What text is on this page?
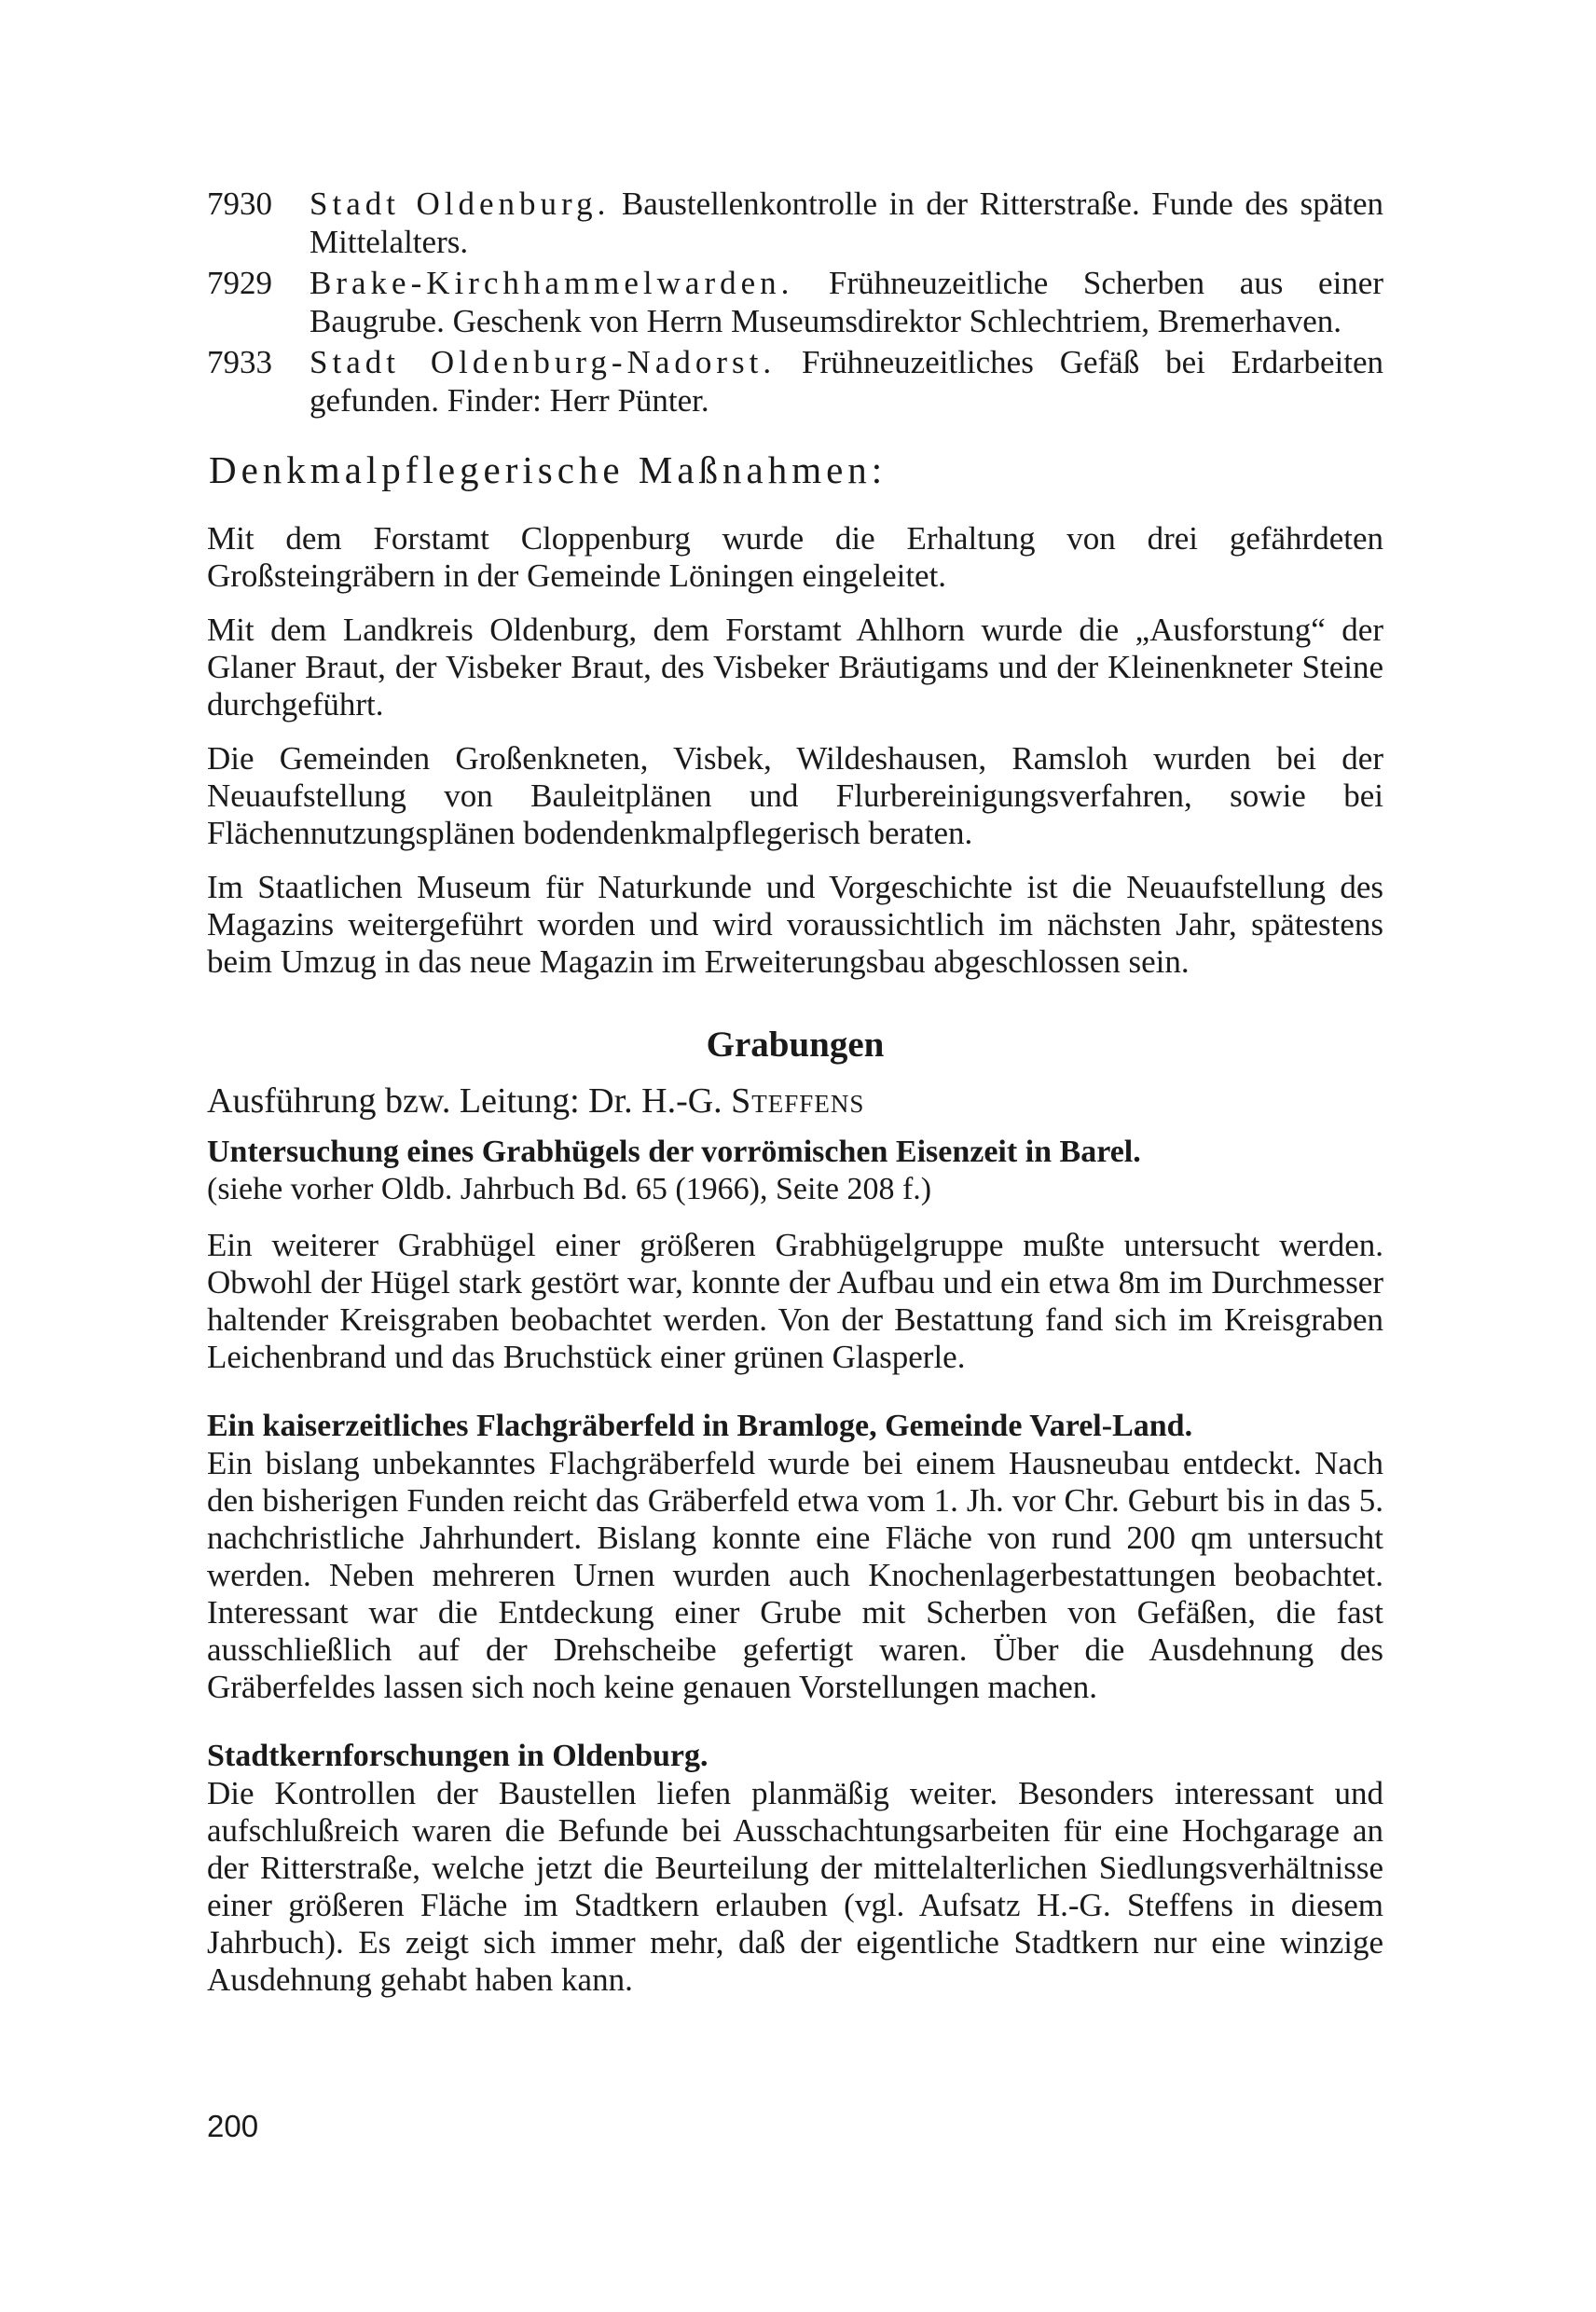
7930 Stadt Oldenburg. Baustellenkontrolle in der Ritterstraße. Funde des späten Mittelalters.
7929 Brake-Kirchhammelwarden. Frühneuzeitliche Scherben aus einer Baugrube. Geschenk von Herrn Museumsdirektor Schlechtriem, Bremerhaven.
7933 Stadt Oldenburg-Nadorst. Frühneuzeitliches Gefäß bei Erdarbeiten gefunden. Finder: Herr Pünter.
Denkmalpflegerische Maßnahmen:

Mit dem Forstamt Cloppenburg wurde die Erhaltung von drei gefährdeten Großsteingräbern in der Gemeinde Löningen eingeleitet.

Mit dem Landkreis Oldenburg, dem Forstamt Ahlhorn wurde die „Ausforstung“ der Glaner Braut, der Visbeker Braut, des Visbeker Bräutigams und der Kleinenkneter Steine durchgeführt.

Die Gemeinden Großenkneten, Visbek, Wildeshausen, Ramsloh wurden bei der Neuaufstellung von Bauleitplänen und Flurbereinigungsverfahren, sowie bei Flächennutzungsplänen bodendenkmalpflegerisch beraten.

Im Staatlichen Museum für Naturkunde und Vorgeschichte ist die Neuaufstellung des Magazins weitergeführt worden und wird voraussichtlich im nächsten Jahr, spätestens beim Umzug in das neue Magazin im Erweiterungsbau abgeschlossen sein.

Grabungen
Ausführung bzw. Leitung: Dr. H.-G. Steffens

Untersuchung eines Grabhügels der vorrömischen Eisenzeit in Barel.

(siehe vorher Oldb. Jahrbuch Bd. 65 (1966), Seite 208 f.)

Ein weiterer Grabhügel einer größeren Grabhügelgruppe mußte untersucht werden. Obwohl der Hügel stark gestört war, konnte der Aufbau und ein etwa 8m im Durchmesser haltender Kreisgraben beobachtet werden. Von der Bestattung fand sich im Kreisgraben Leichenbrand und das Bruchstück einer grünen Glasperle.

Ein kaiserzeitliches Flachgräberfeld in Bramloge, Gemeinde Varel-Land.

Ein bislang unbekanntes Flachgräberfeld wurde bei einem Hausneubau entdeckt. Nach den bisherigen Funden reicht das Gräberfeld etwa vom 1. Jh. vor Chr. Geburt bis in das 5. nachchristliche Jahrhundert. Bislang konnte eine Fläche von rund 200 qm untersucht werden. Neben mehreren Urnen wurden auch Knochenlagerbestattungen beobachtet. Interessant war die Entdeckung einer Grube mit Scherben von Gefäßen, die fast ausschließlich auf der Drehscheibe gefertigt waren. Über die Ausdehnung des Gräberfeldes lassen sich noch keine genauen Vorstellungen machen.

Stadtkernforschungen in Oldenburg.

Die Kontrollen der Baustellen liefen planmäßig weiter. Besonders interessant und aufschlußreich waren die Befunde bei Ausschachtungsarbeiten für eine Hochgarage an der Ritterstraße, welche jetzt die Beurteilung der mittelalterlichen Siedlungsverhältnisse einer größeren Fläche im Stadtkern erlauben (vgl. Aufsatz H.-G. Steffens in diesem Jahrbuch). Es zeigt sich immer mehr, daß der eigentliche Stadtkern nur eine winzige Ausdehnung gehabt haben kann.

200
